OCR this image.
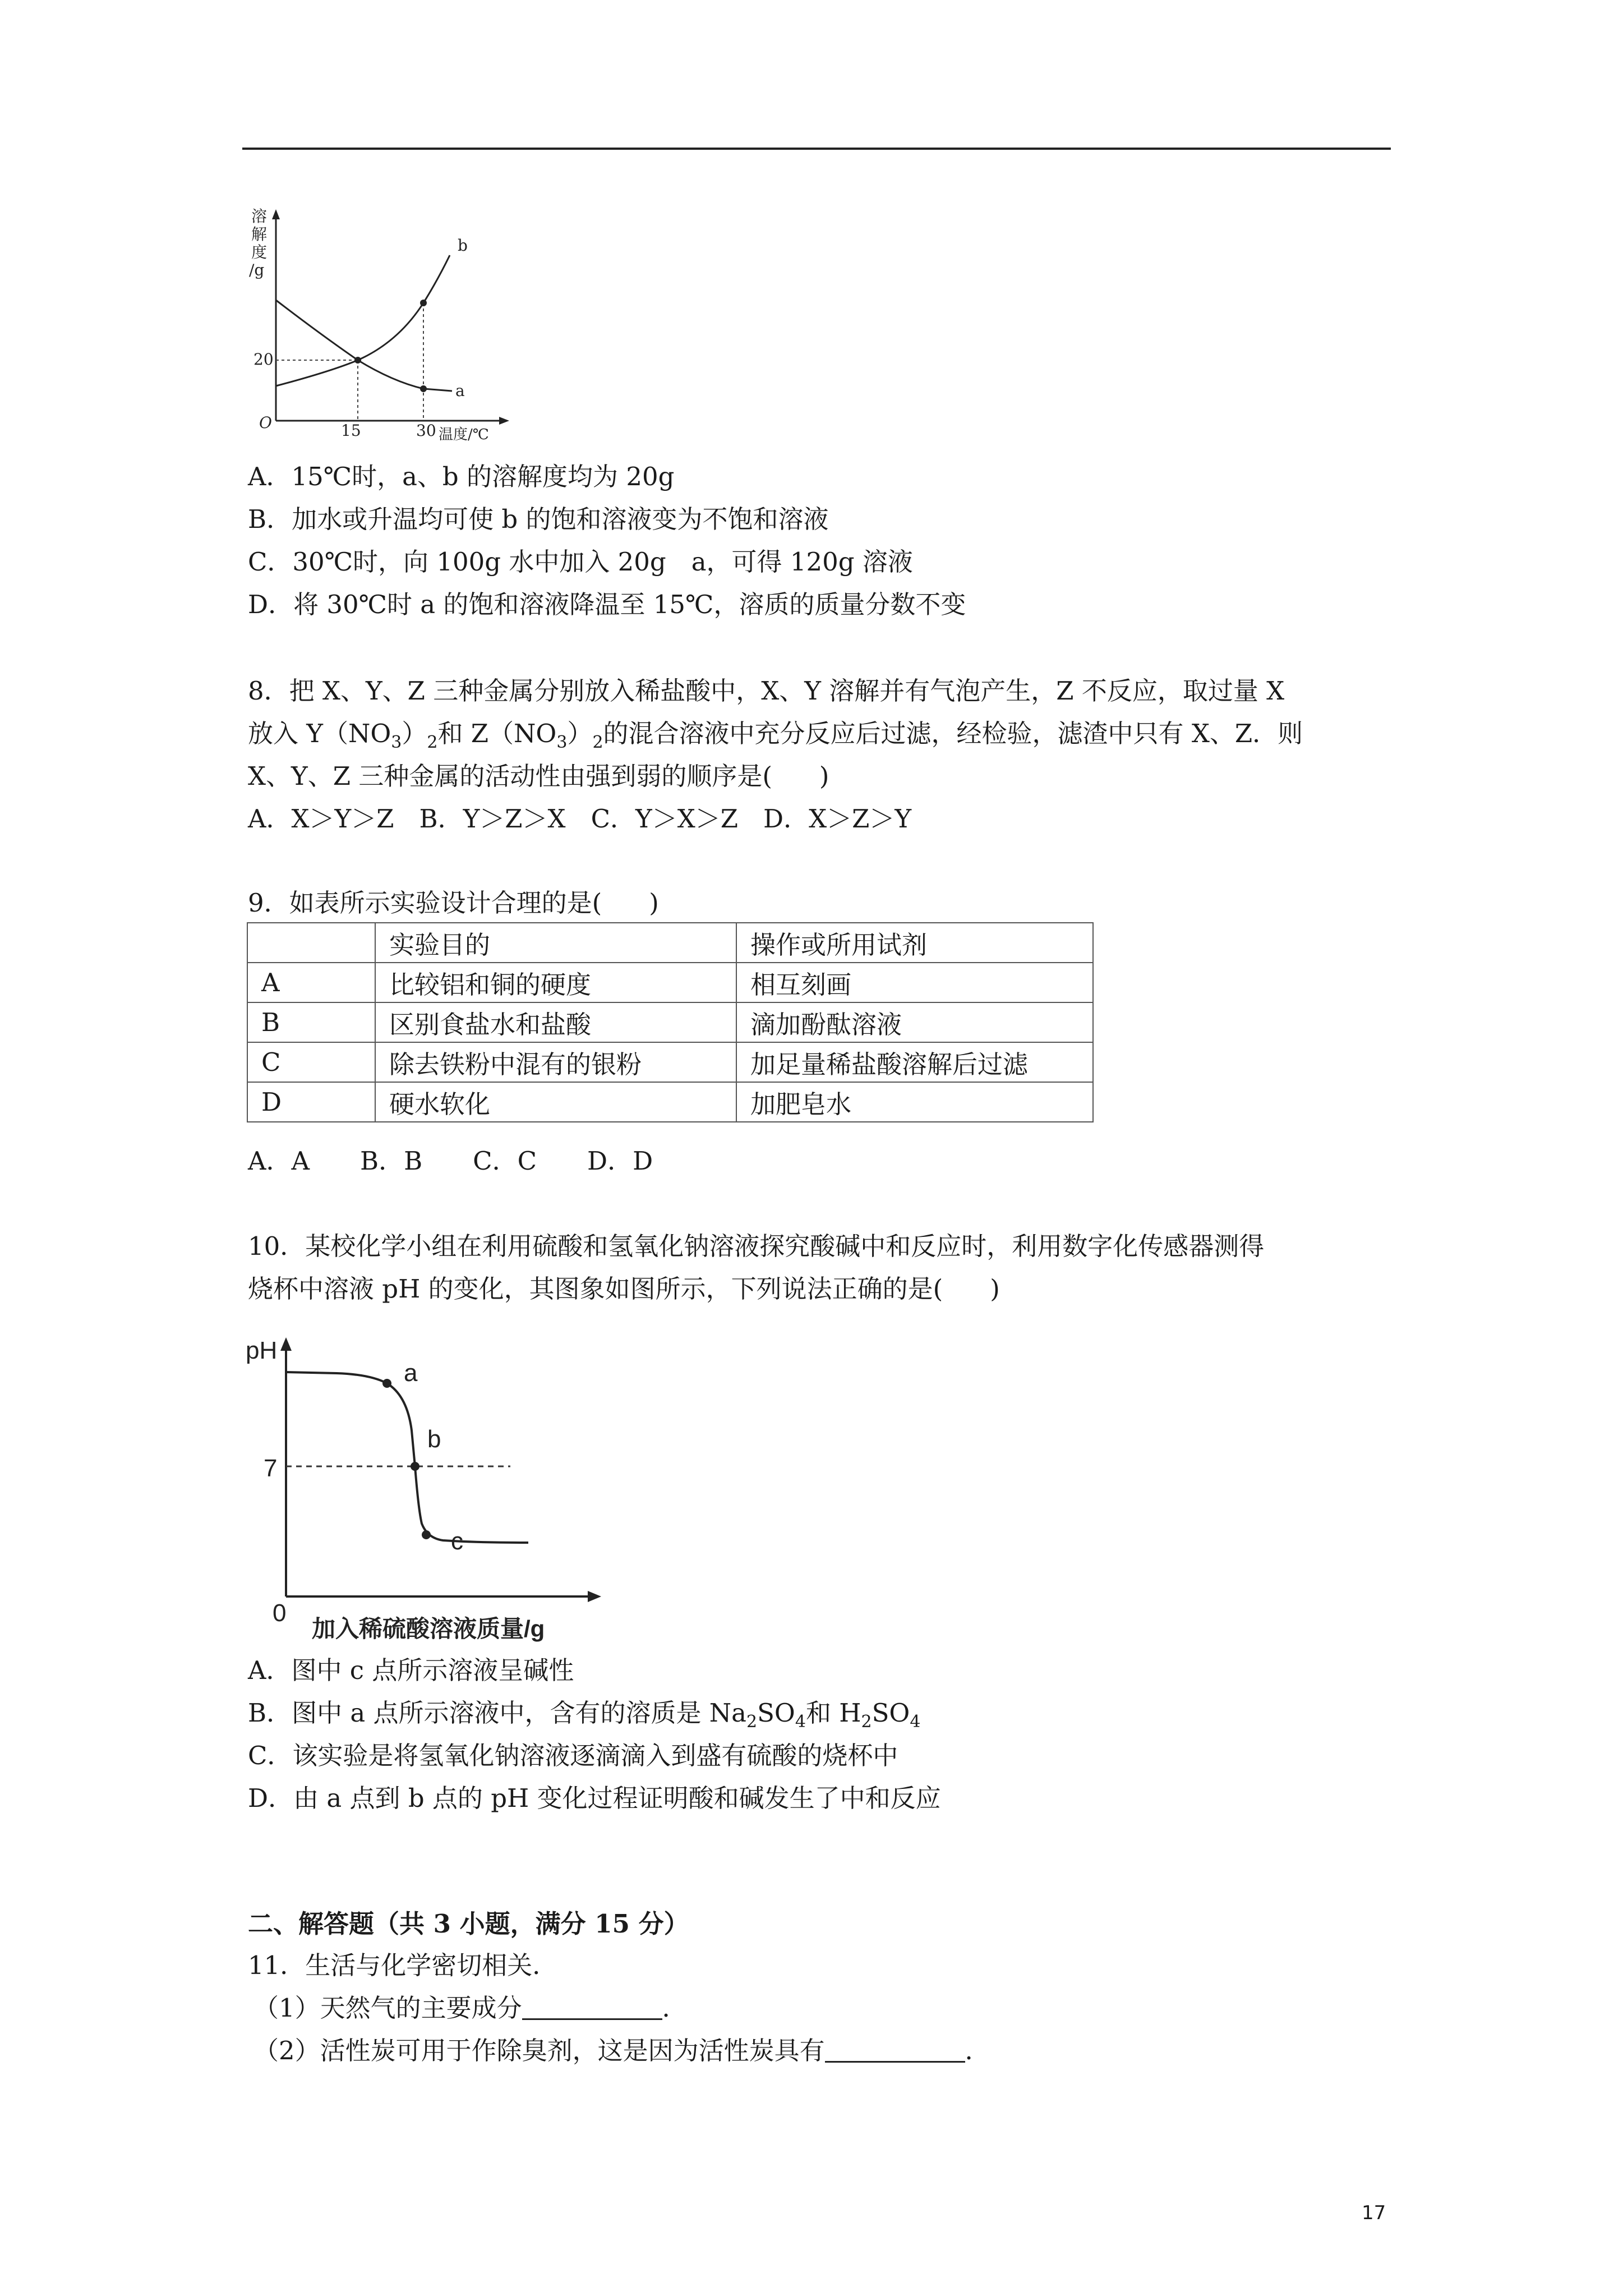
溶
解
度
/g
20
O	15	30 温度/℃
b
a
A．15℃时，a、b 的溶解度均为 20g
B．加水或升温均可使 b 的饱和溶液变为不饱和溶液
C．30℃时，向 100g 水中加入 20g　a，可得 120g 溶液
D．将 30℃时 a 的饱和溶液降温至 15℃，溶质的质量分数不变
8．把 X、Y、Z 三种金属分别放入稀盐酸中，X、Y 溶解并有气泡产生，Z 不反应，取过量 X
放入 $Y(NO_3)_2$和 $Z(NO_3)_2$的混合溶液中充分反应后过滤，经检验，滤渣中只有 X、Z．则
X、Y、Z 三种金属的活动性由强到弱的顺序是( )
A．X＞Y＞Z　B．Y＞Z＞X　C．Y＞X＞Z　D．X＞Z＞Y
9．如表所示实验设计合理的是( )
	实验目的	操作或所用试剂
A	比较铝和铜的硬度	相互刻画
B	区别食盐水和盐酸	滴加酚酞溶液
C	除去铁粉中混有的银粉	加足量稀盐酸溶解后过滤
D	硬水软化	加肥皂水
A．A　　B．B　　C．C　　D．D
10．某校化学小组在利用硫酸和氢氧化钠溶液探究酸碱中和反应时，利用数字化传感器测得
烧杯中溶液 pH 的变化，其图象如图所示，下列说法正确的是( )
pH
7
0
加入稀硫酸溶液质量/g
a
b
c
A．图中 c 点所示溶液呈碱性
B．图中 a 点所示溶液中，含有的溶质是 $Na_2SO_4$和 $H_2SO_4$
C．该实验是将氢氧化钠溶液逐滴滴入到盛有硫酸的烧杯中
D．由 a 点到 b 点的 pH 变化过程证明酸和碱发生了中和反应
二、解答题（共 3 小题，满分 15 分）
11．生活与化学密切相关．
（1）天然气的主要成分	．
（2）活性炭可用于作除臭剂，这是因为活性炭具有	．
17
